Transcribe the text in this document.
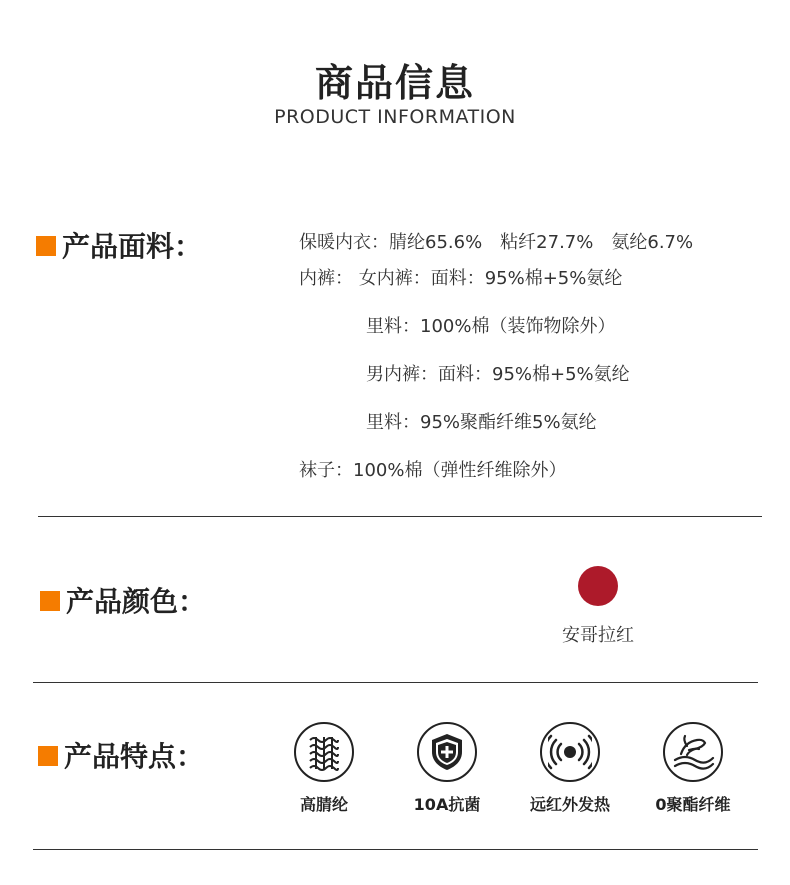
商品信息
PRODUCT INFORMATION
产品面料：	保暖内衣：腈纶65.6%　粘纤27.7%　氨纶6.7%
内裤： 女内裤：面料：95%棉+5%氨纶
里料：100%棉（装饰物除外）
男内裤：面料：95%棉+5%氨纶
里料：95%聚酯纤维5%氨纶
袜子：100%棉（弹性纤维除外）
产品颜色：
安哥拉红
产品特点：
高腈纶	10A抗菌	远红外发热	0聚酯纤维
